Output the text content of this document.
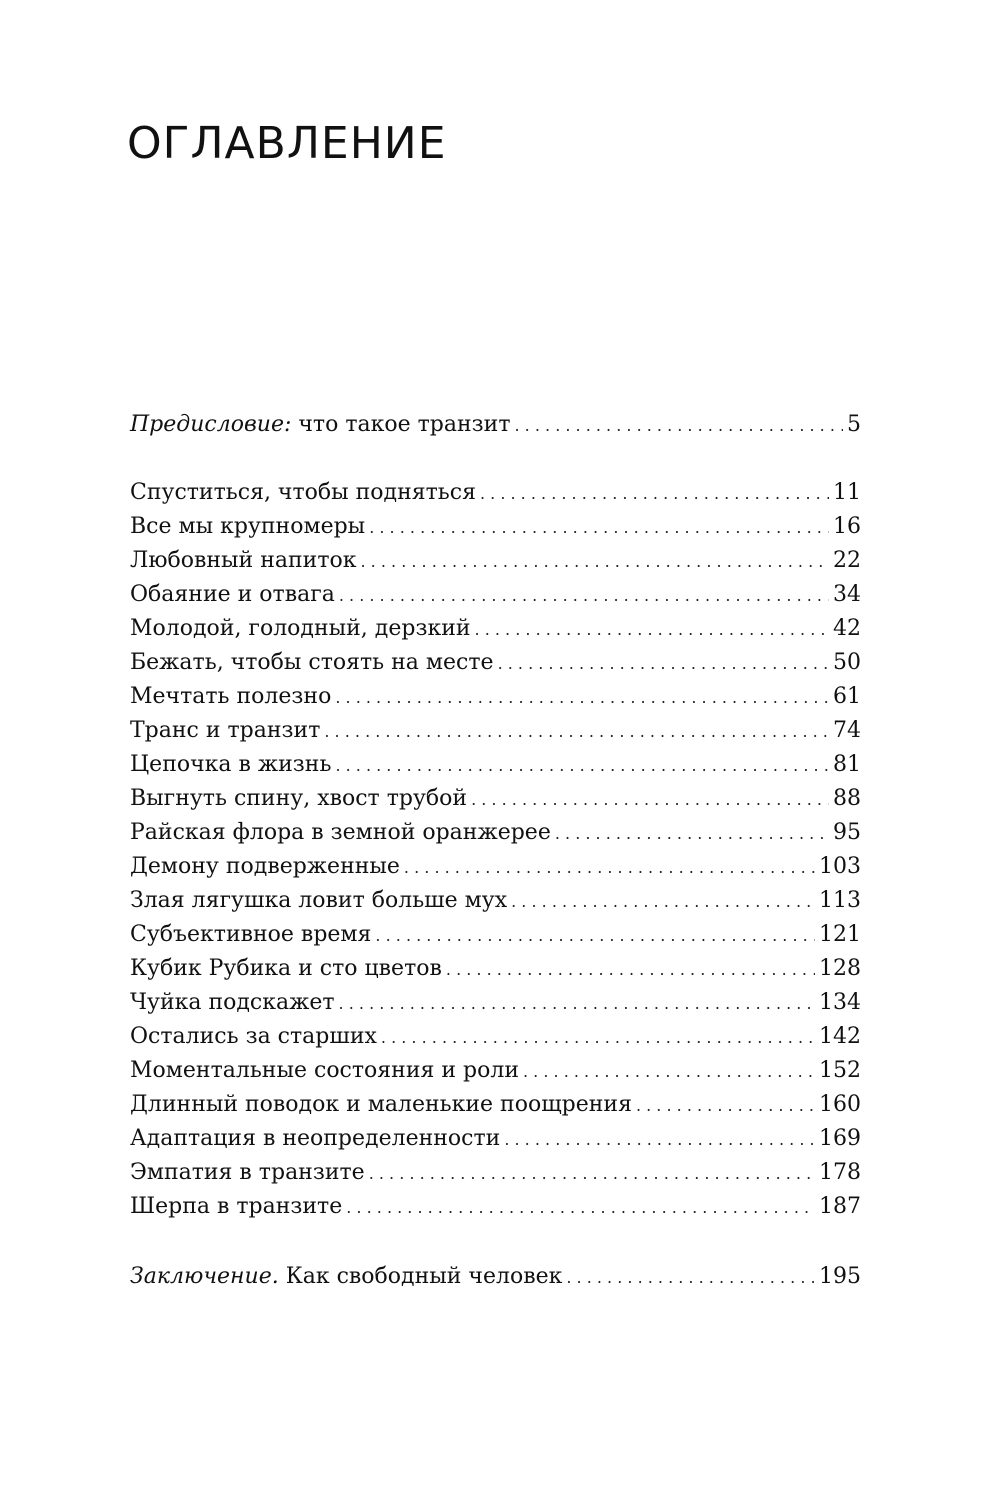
ОГЛАВЛЕНИЕ
Предисловие: что такое транзит . . .	5
Спуститься, чтобы подняться . . .	11
Все мы крупномеры . . .	16
Любовный напиток . . .	22
Обаяние и отвага . . .	34
Молодой, голодный, дерзкий . . .	42
Бежать, чтобы стоять на месте . . .	50
Мечтать полезно . . .	61
Транс и транзит . . .	74
Цепочка в жизнь . . .	81
Выгнуть спину, хвост трубой . . .	88
Райская флора в земной оранжерее . . .	95
Демону подверженные . . .	103
Злая лягушка ловит больше мух . . .	113
Субъективное время . . .	121
Кубик Рубика и сто цветов . . .	128
Чуйка подскажет . . .	134
Остались за старших . . .	142
Моментальные состояния и роли . . .	152
Длинный поводок и маленькие поощрения . . .	160
Адаптация в неопределенности . . .	169
Эмпатия в транзите . . .	178
Шерпа в транзите . . .	187
Заключение. Как свободный человек . . .	195
